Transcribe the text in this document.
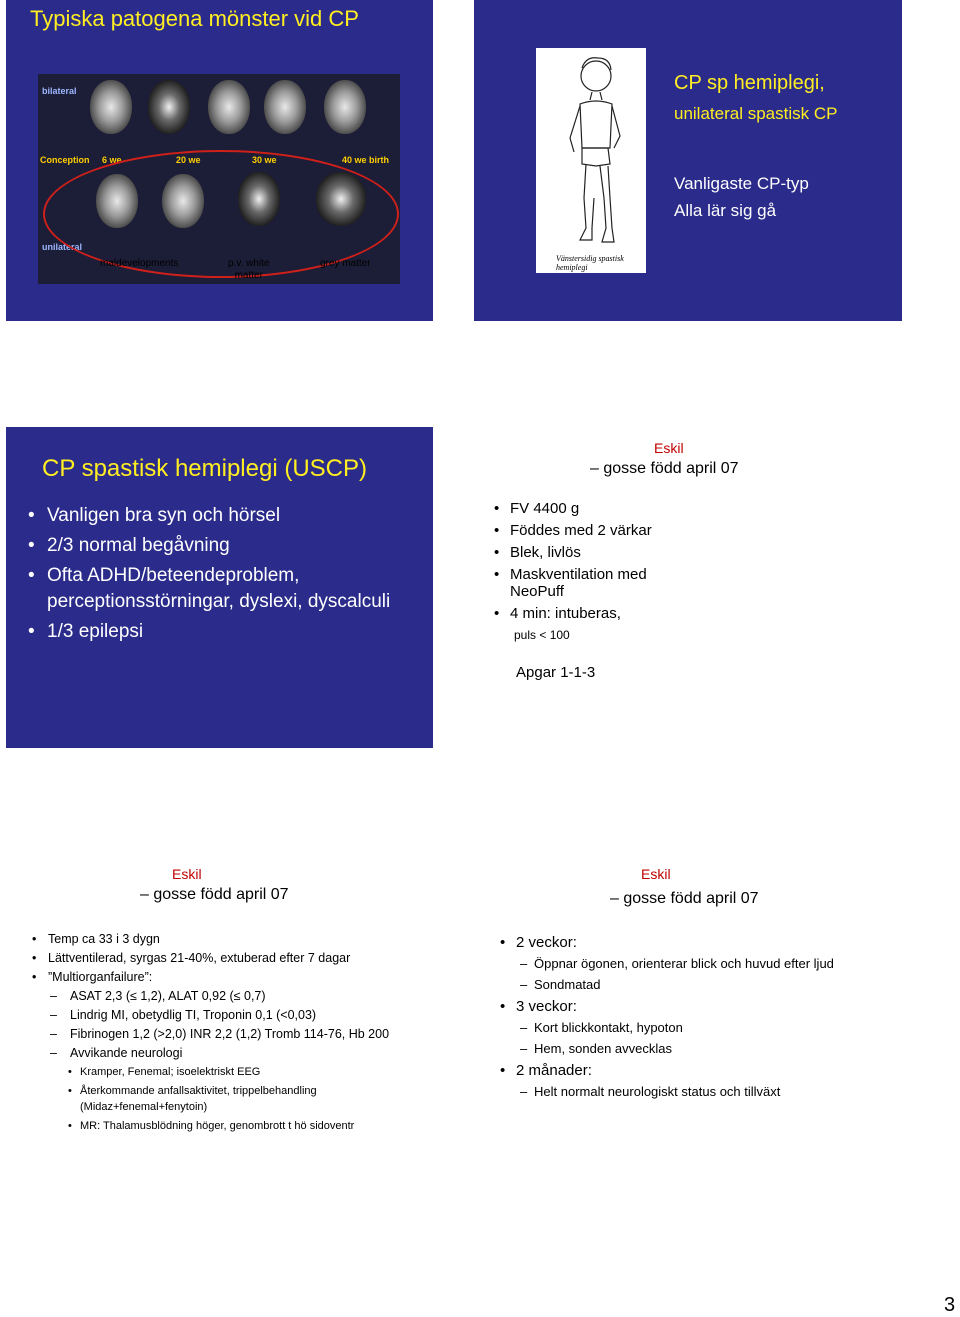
Typiska patogena mönster vid CP
bilateral
Conception 6 we	20 we	30 we	40 we birth
unilateral
maldevelopments	p.v. white
matter
grey matter	Vänstersidig spastisk hemiplegi
CP sp hemiplegi,
unilateral spastisk CP
Vanligaste CP-typ
Alla lär sig gå
CP spastisk hemiplegi (USCP)
• Vanligen bra syn och hörsel
• 2/3 normal begåvning
• Ofta ADHD/beteendeproblem, perceptionsstörningar, dyslexi, dyscalculi
• 1/3 epilepsi
Eskil
– gosse född april 07
• FV 4400 g
• Föddes med 2 värkar
• Blek, livlös
• Maskventilation med NeoPuff
• 4 min: intuberas,
puls < 100
Apgar 1-1-3
Eskil
– gosse född april 07
• Temp ca 33 i 3 dygn
• Lättventilerad, syrgas 21-40%, extuberad efter 7 dagar
• ”Multiorganfailure”:
– ASAT 2,3 (≤ 1,2), ALAT 0,92 (≤ 0,7)
– Lindrig MI, obetydlig TI, Troponin 0,1 (<0,03)
– Fibrinogen 1,2 (>2,0) INR 2,2 (1,2) Tromb 114-76, Hb 200
– Avvikande neurologi
• Kramper, Fenemal; isoelektriskt EEG
• Återkommande anfallsaktivitet, trippelbehandling (Midaz+fenemal+fenytoin)
• MR: Thalamusblödning höger, genombrott t hö sidoventr
Eskil
– gosse född april 07
• 2 veckor:
– Öppnar ögonen, orienterar blick och huvud efter ljud
– Sondmatad
• 3 veckor:
– Kort blickkontakt, hypoton
– Hem, sonden avvecklas
• 2 månader:
– Helt normalt neurologiskt status och tillväxt
3
